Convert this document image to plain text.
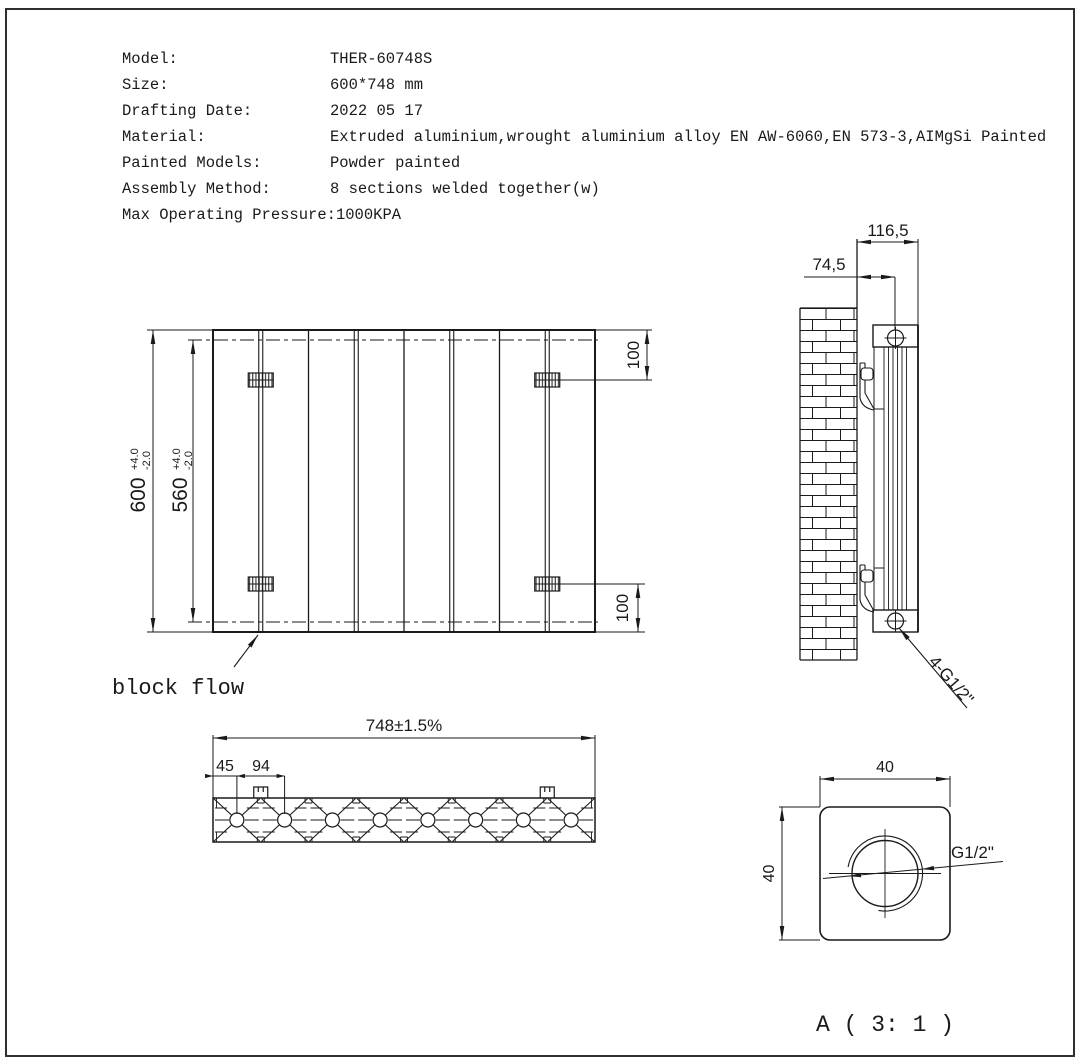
Model:	THER-60748S
Size:	600*748 mm
Drafting Date:	2022 05 17
Material:	Extruded aluminium,wrought aluminium alloy EN AW-6060,EN 573-3,AIMgSi Painted
Painted Models:	Powder painted
Assembly Method:	8 sections welded together(w)
Max Operating Pressure:1000KPA
600
+4.0 -2.0
560
+4.0 -2.0
100
100
block flow
116,5
74,5
4-G1/2"
748±1.5%
45 94
G1/2"
40
40
A ( 3: 1 )
